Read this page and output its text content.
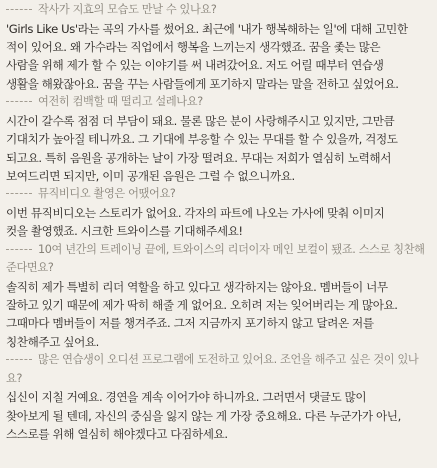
작사가 지효의 모습도 만날 수 있나요?
'Girls Like Us'라는 곡의 가사를 썼어요. 최근에 '내가 행복해하는 일'에 대해 고민한
적이 있어요. 왜 가수라는 직업에서 행복을 느끼는지 생각했죠. 꿈을 좇는 많은
사람을 위해 제가 할 수 있는 이야기를 써 내려갔어요. 저도 어릴 때부터 연습생
생활을 해왔잖아요. 꿈을 꾸는 사람들에게 포기하지 말라는 말을 전하고 싶었어요.
여전히 컴백할 때 떨리고 설레나요?
시간이 갈수록 점점 더 부담이 돼요. 물론 많은 분이 사랑해주시고 있지만, 그만큼
기대치가 높아질 테니까요. 그 기대에 부응할 수 있는 무대를 할 수 있을까, 걱정도
되고요. 특히 음원을 공개하는 날이 가장 떨려요. 무대는 저희가 열심히 노력해서
보여드리면 되지만, 이미 공개된 음원은 그럴 수 없으니까요.
뮤직비디오 촬영은 어땠어요?
이번 뮤직비디오는 스토리가 없어요. 각자의 파트에 나오는 가사에 맞춰 이미지
컷을 촬영했죠. 시크한 트와이스를 기대해주세요!
10여 년간의 트레이닝 끝에, 트와이스의 리더이자 메인 보컬이 됐죠. 스스로 칭찬해준다면요?
솔직히 제가 특별히 리더 역할을 하고 있다고 생각하지는 않아요. 멤버들이 너무
잘하고 있기 때문에 제가 딱히 해줄 게 없어요. 오히려 저는 잊어버리는 게 많아요.
그때마다 멤버들이 저를 챙겨주죠. 그저 지금까지 포기하지 않고 달려온 저를
칭찬해주고 싶어요.
많은 연습생이 오디션 프로그램에 도전하고 있어요. 조언을 해주고 싶은 것이 있나요?
십신이 지칠 거예요. 경연을 계속 이어가야 하니까요. 그러면서 댓글도 많이
찾아보게 될 텐데, 자신의 중심을 잃지 않는 게 가장 중요해요. 다른 누군가가 아닌,
스스로를 위해 열심히 해야겠다고 다짐하세요.
